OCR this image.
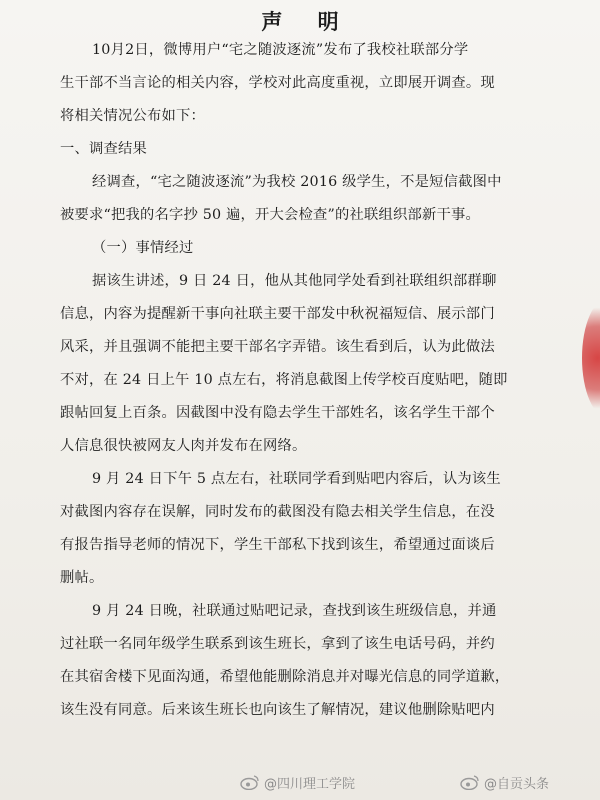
声 明
10月2日，微博用户“宅之随波逐流”发布了我校社联部分学
生干部不当言论的相关内容，学校对此高度重视，立即展开调查。现
将相关情况公布如下：
一、调查结果
经调查，“宅之随波逐流”为我校 2016 级学生，不是短信截图中
被要求“把我的名字抄 50 遍，开大会检查”的社联组织部新干事。
（一）事情经过
据该生讲述，9 日 24 日，他从其他同学处看到社联组织部群聊
信息，内容为提醒新干事向社联主要干部发中秋祝福短信、展示部门
风采，并且强调不能把主要干部名字弄错。该生看到后，认为此做法
不对，在 24 日上午 10 点左右，将消息截图上传学校百度贴吧，随即
跟帖回复上百条。因截图中没有隐去学生干部姓名，该名学生干部个
人信息很快被网友人肉并发布在网络。
9 月 24 日下午 5 点左右，社联同学看到贴吧内容后，认为该生
对截图内容存在误解，同时发布的截图没有隐去相关学生信息，在没
有报告指导老师的情况下，学生干部私下找到该生，希望通过面谈后
删帖。
9 月 24 日晚，社联通过贴吧记录，查找到该生班级信息，并通
过社联一名同年级学生联系到该生班长，拿到了该生电话号码，并约
在其宿舍楼下见面沟通，希望他能删除消息并对曝光信息的同学道歉，
该生没有同意。后来该生班长也向该生了解情况，建议他删除贴吧内
@四川理工学院	@自贡头条
